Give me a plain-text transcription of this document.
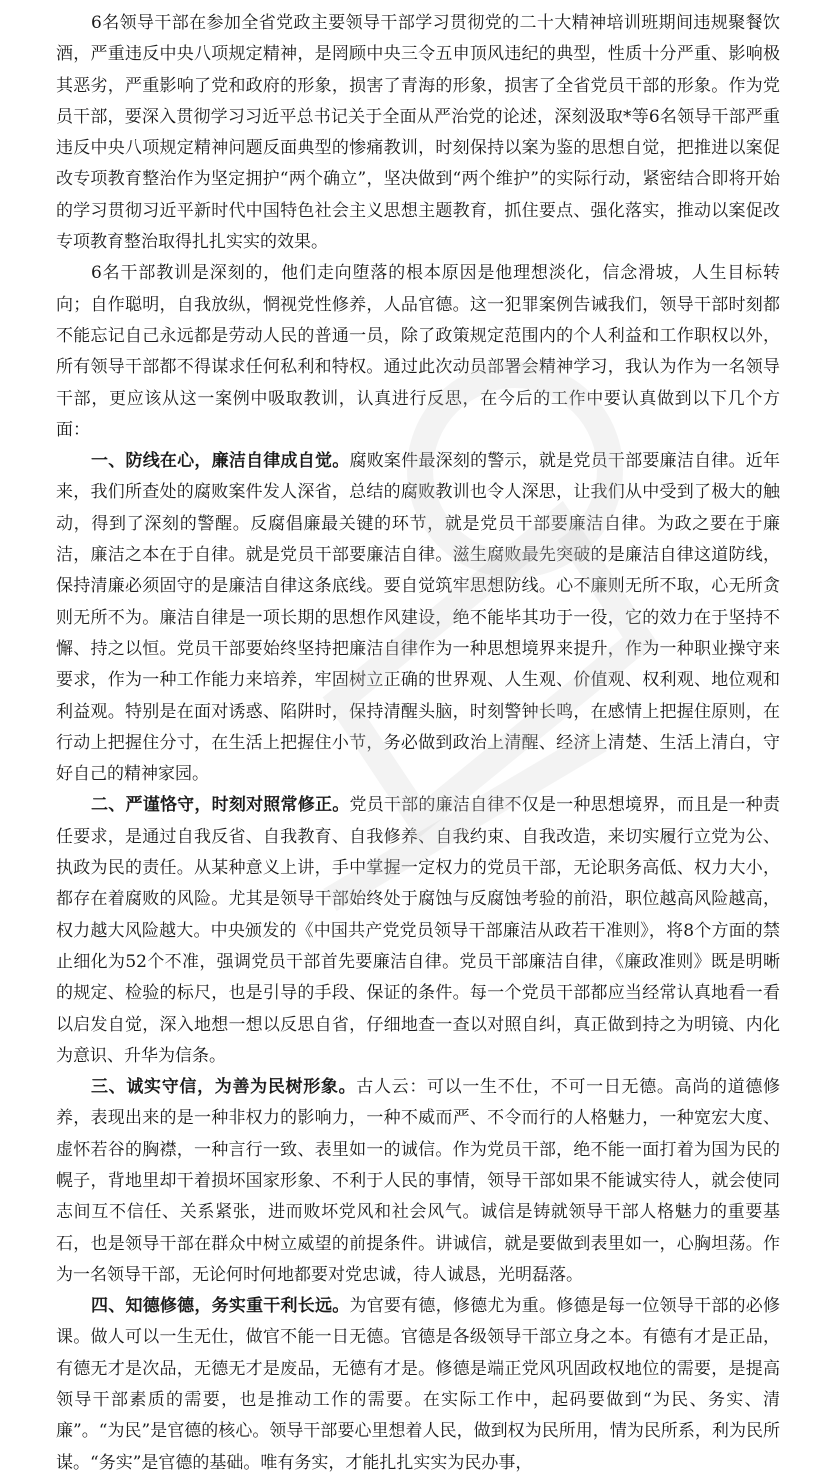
6名领导干部在参加全省党政主要领导干部学习贯彻党的二十大精神培训班期间违规聚餐饮酒，严重违反中央八项规定精神，是罔顾中央三令五申顶风违纪的典型，性质十分严重、影响极其恶劣，严重影响了党和政府的形象，损害了青海的形象，损害了全省党员干部的形象。作为党员干部，要深入贯彻学习习近平总书记关于全面从严治党的论述，深刻汲取*等6名领导干部严重违反中央八项规定精神问题反面典型的惨痛教训，时刻保持以案为鉴的思想自觉，把推进以案促改专项教育整治作为坚定拥护“两个确立”，坚决做到“两个维护”的实际行动，紧密结合即将开始的学习贯彻习近平新时代中国特色社会主义思想主题教育，抓住要点、强化落实，推动以案促改专项教育整治取得扎扎实实的效果。

6名干部教训是深刻的，他们走向堕落的根本原因是他理想淡化，信念滑坡，人生目标转向；自作聪明，自我放纵，惘视党性修养，人品官德。这一犯罪案例告诫我们，领导干部时刻都不能忘记自己永远都是劳动人民的普通一员，除了政策规定范围内的个人利益和工作职权以外，所有领导干部都不得谋求任何私利和特权。通过此次动员部署会精神学习，我认为作为一名领导干部，更应该从这一案例中吸取教训，认真进行反思，在今后的工作中要认真做到以下几个方面：

一、防线在心，廉洁自律成自觉。腐败案件最深刻的警示，就是党员干部要廉洁自律。近年来，我们所查处的腐败案件发人深省，总结的腐败教训也令人深思，让我们从中受到了极大的触动，得到了深刻的警醒。反腐倡廉最关键的环节，就是党员干部要廉洁自律。为政之要在于廉洁，廉洁之本在于自律。就是党员干部要廉洁自律。滋生腐败最先突破的是廉洁自律这道防线，保持清廉必须固守的是廉洁自律这条底线。要自觉筑牢思想防线。心不廉则无所不取，心无所贪则无所不为。廉洁自律是一项长期的思想作风建设，绝不能毕其功于一役，它的效力在于坚持不懈、持之以恒。党员干部要始终坚持把廉洁自律作为一种思想境界来提升，作为一种职业操守来要求，作为一种工作能力来培养，牢固树立正确的世界观、人生观、价值观、权利观、地位观和利益观。特别是在面对诱惑、陷阱时，保持清醒头脑，时刻警钟长鸣，在感情上把握住原则，在行动上把握住分寸，在生活上把握住小节，务必做到政治上清醒、经济上清楚、生活上清白，守好自己的精神家园。

二、严谨恪守，时刻对照常修正。党员干部的廉洁自律不仅是一种思想境界，而且是一种责任要求，是通过自我反省、自我教育、自我修养、自我约束、自我改造，来切实履行立党为公、执政为民的责任。从某种意义上讲，手中掌握一定权力的党员干部，无论职务高低、权力大小，都存在着腐败的风险。尤其是领导干部始终处于腐蚀与反腐蚀考验的前沿，职位越高风险越高，权力越大风险越大。中央颁发的《中国共产党党员领导干部廉洁从政若干准则》，将8个方面的禁止细化为52个不准，强调党员干部首先要廉洁自律。党员干部廉洁自律，《廉政准则》既是明晰的规定、检验的标尺，也是引导的手段、保证的条件。每一个党员干部都应当经常认真地看一看以启发自觉，深入地想一想以反思自省，仔细地查一查以对照自纠，真正做到持之为明镜、内化为意识、升华为信条。

三、诚实守信，为善为民树形象。古人云：可以一生不仕，不可一日无德。高尚的道德修养，表现出来的是一种非权力的影响力，一种不威而严、不令而行的人格魅力，一种宽宏大度、虚怀若谷的胸襟，一种言行一致、表里如一的诚信。作为党员干部，绝不能一面打着为国为民的幌子，背地里却干着损坏国家形象、不利于人民的事情，领导干部如果不能诚实待人，就会使同志间互不信任、关系紧张，进而败坏党风和社会风气。诚信是铸就领导干部人格魅力的重要基石，也是领导干部在群众中树立威望的前提条件。讲诚信，就是要做到表里如一，心胸坦荡。作为一名领导干部，无论何时何地都要对党忠诚，待人诚恳，光明磊落。

四、知德修德，务实重干利长远。为官要有德，修德尤为重。修德是每一位领导干部的必修课。做人可以一生无仕，做官不能一日无德。官德是各级领导干部立身之本。有德有才是正品，有德无才是次品，无德无才是废品，无德有才是。修德是端正党风巩固政权地位的需要，是提高领导干部素质的需要，也是推动工作的需要。在实际工作中，起码要做到“为民、务实、清廉”。“为民”是官德的核心。领导干部要心里想着人民，做到权为民所用，情为民所系，利为民所谋。“务实”是官德的基础。唯有务实，才能扎扎实实为民办事，
